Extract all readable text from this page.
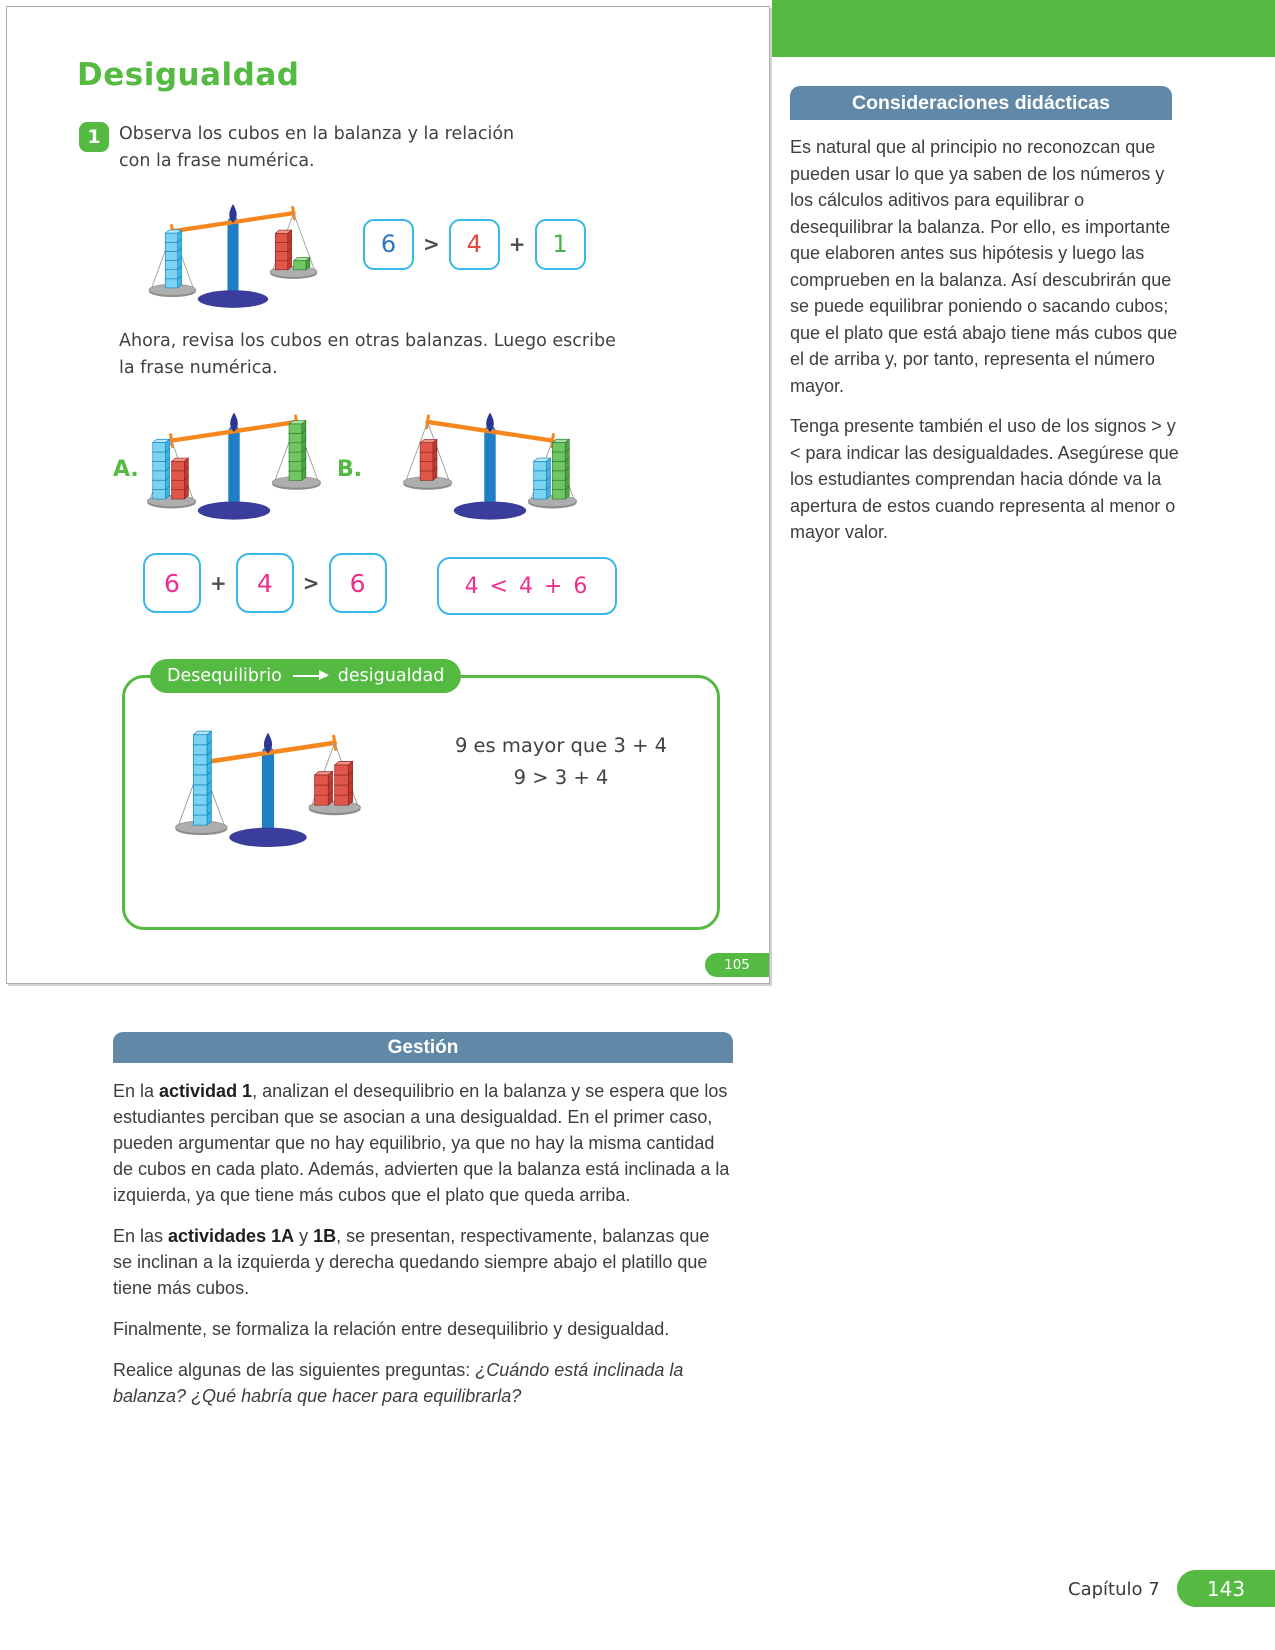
Desigualdad
1	Observa los cubos en la balanza y la relación
con la frase numérica.
6	>	4	+	1
Ahora, revisa los cubos en otras balanzas. Luego escribe
la frase numérica.
A.	B.
6	+	4	>	6	4 < 4 + 6
9 es mayor que 3 + 4
9 > 3 + 4
Desequilibrio	desigualdad
105
Gestión

En la actividad 1, analizan el desequilibrio en la balanza y se espera que los estudiantes perciban que se asocian a una desigualdad. En el primer caso, pueden argumentar que no hay equilibrio, ya que no hay la misma cantidad de cubos en cada plato. Además, advierten que la balanza está inclinada a la izquierda, ya que tiene más cubos que el plato que queda arriba.

En las actividades 1A y 1B, se presentan, respectivamente, balanzas que se inclinan a la izquierda y derecha quedando siempre abajo el platillo que tiene más cubos.

Finalmente, se formaliza la relación entre desequilibrio y desigualdad.

Realice algunas de las siguientes preguntas: ¿Cuándo está inclinada la balanza? ¿Qué habría que hacer para equilibrarla?

Consideraciones didácticas

Es natural que al principio no reconozcan que pueden usar lo que ya saben de los números y los cálculos aditivos para equilibrar o desequilibrar la balanza. Por ello, es importante que elaboren antes sus hipótesis y luego las comprueben en la balanza. Así descubrirán que se puede equilibrar poniendo o sacando cubos; que el plato que está abajo tiene más cubos que el de arriba y, por tanto, representa el número mayor.

Tenga presente también el uso de los signos > y < para indicar las desigualdades. Asegúrese que los estudiantes comprendan hacia dónde va la apertura de estos cuando representa al menor o mayor valor.

Capítulo 7	143
